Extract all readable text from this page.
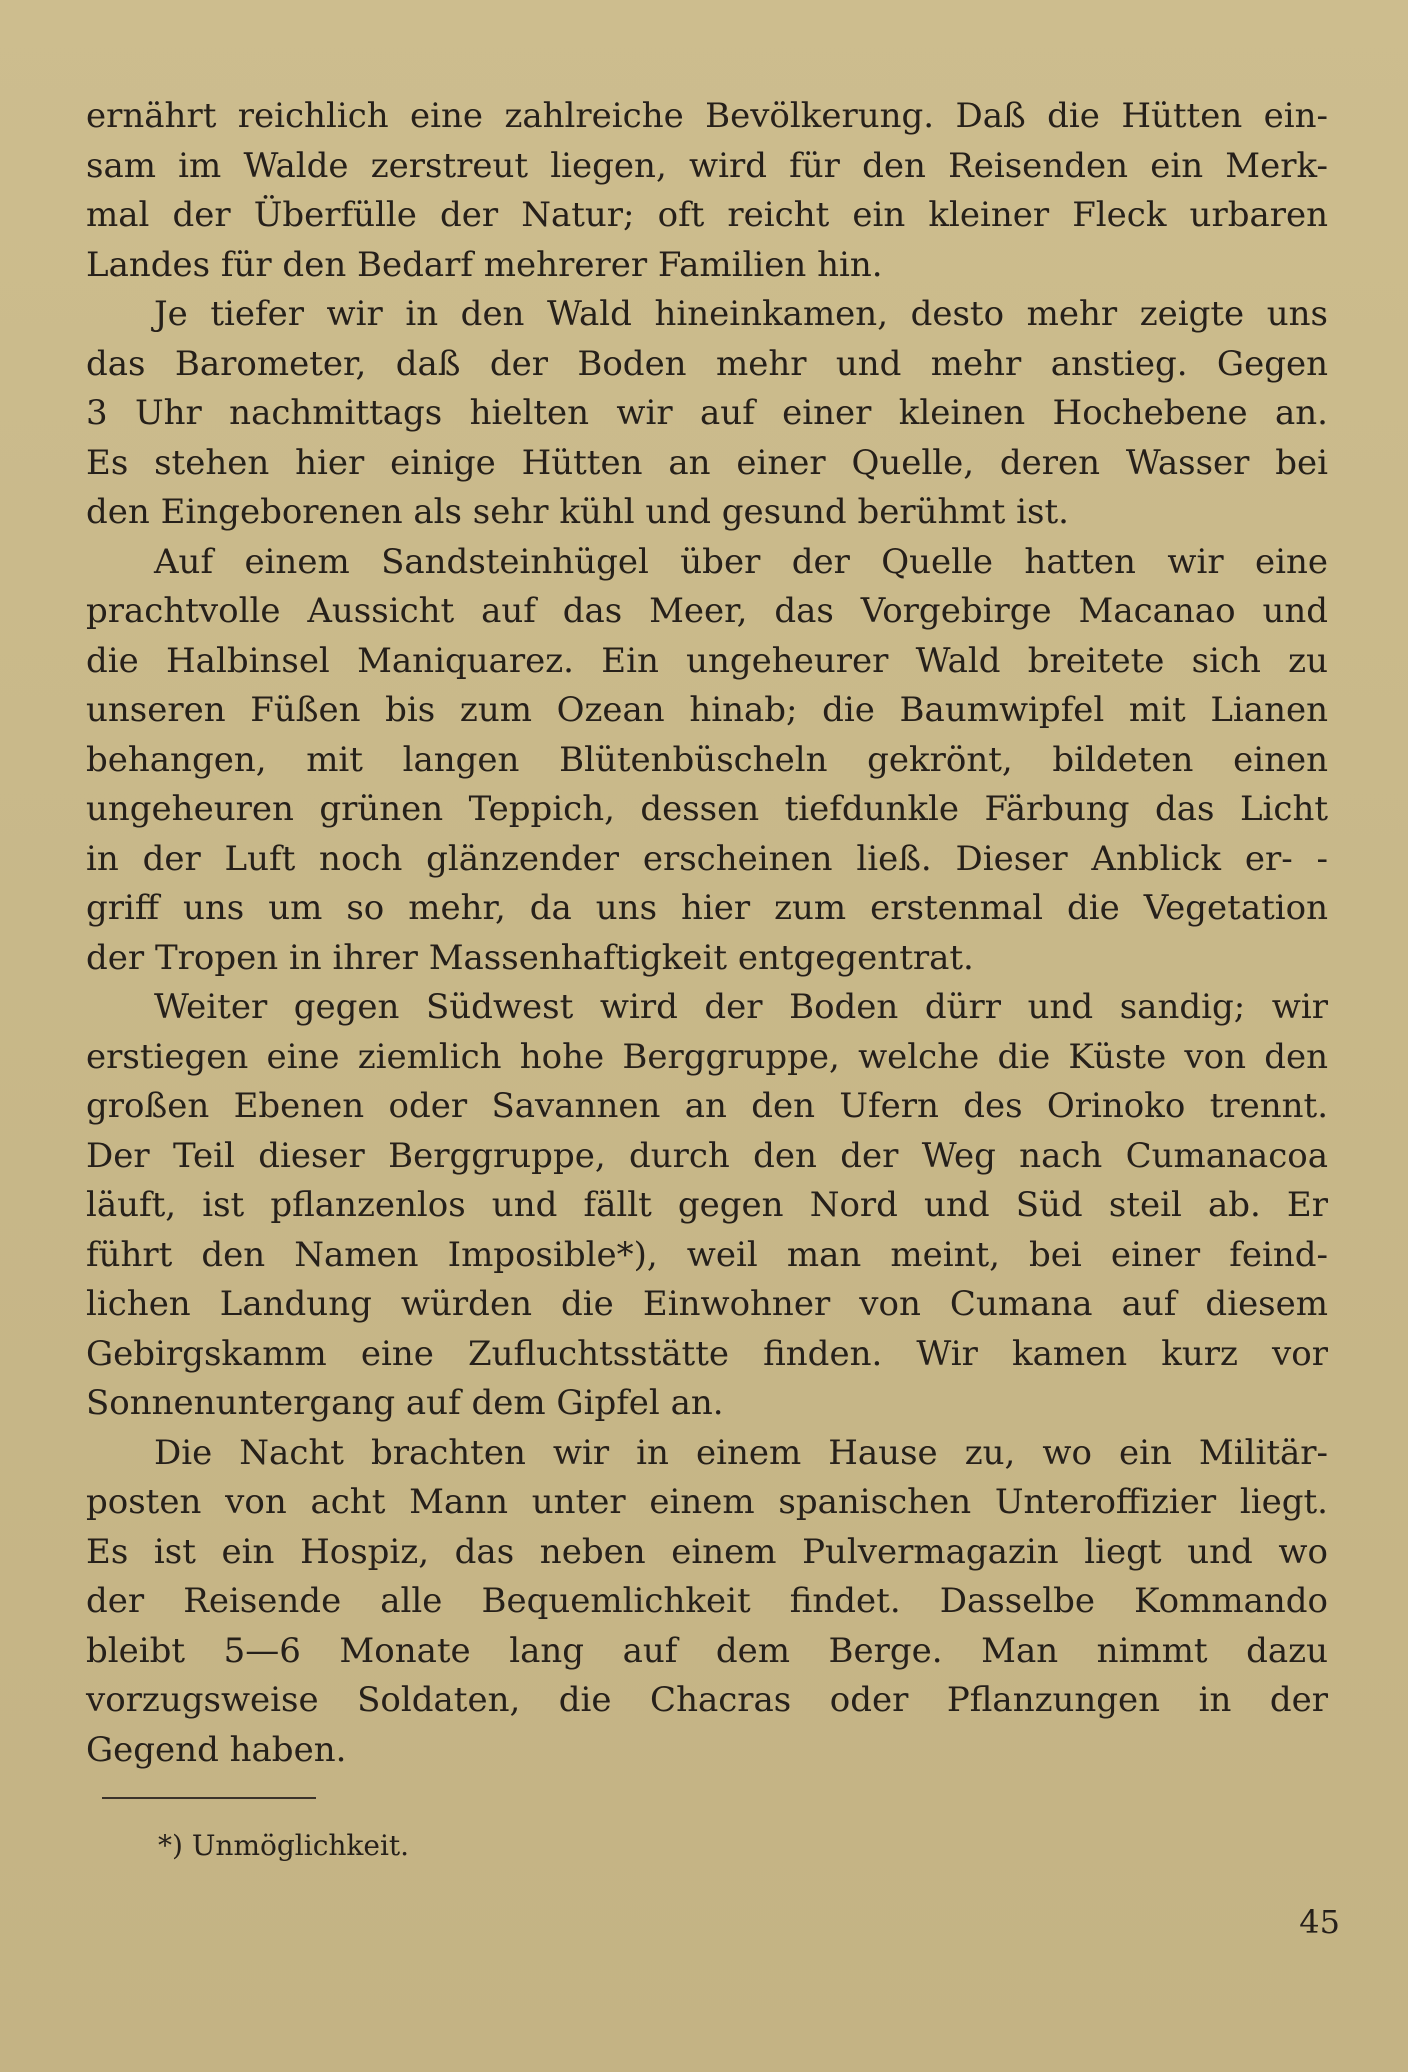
ernährt reichlich eine zahlreiche Bevölkerung. Daß die Hütten ein-
sam im Walde zerstreut liegen, wird für den Reisenden ein Merk-
mal der Überfülle der Natur; oft reicht ein kleiner Fleck urbaren
Landes für den Bedarf mehrerer Familien hin.
Je tiefer wir in den Wald hineinkamen, desto mehr zeigte uns
das Barometer, daß der Boden mehr und mehr anstieg. Gegen
3 Uhr nachmittags hielten wir auf einer kleinen Hochebene an.
Es stehen hier einige Hütten an einer Quelle, deren Wasser bei
den Eingeborenen als sehr kühl und gesund berühmt ist.
Auf einem Sandsteinhügel über der Quelle hatten wir eine
prachtvolle Aussicht auf das Meer, das Vorgebirge Macanao und
die Halbinsel Maniquarez. Ein ungeheurer Wald breitete sich zu
unseren Füßen bis zum Ozean hinab; die Baumwipfel mit Lianen
behangen, mit langen Blütenbüscheln gekrönt, bildeten einen
ungeheuren grünen Teppich, dessen tiefdunkle Färbung das Licht
in der Luft noch glänzender erscheinen ließ. Dieser Anblick er- -
griff uns um so mehr, da uns hier zum erstenmal die Vegetation
der Tropen in ihrer Massenhaftigkeit entgegentrat.
Weiter gegen Südwest wird der Boden dürr und sandig; wir
erstiegen eine ziemlich hohe Berggruppe, welche die Küste von den
großen Ebenen oder Savannen an den Ufern des Orinoko trennt.
Der Teil dieser Berggruppe, durch den der Weg nach Cumanacoa
läuft, ist pflanzenlos und fällt gegen Nord und Süd steil ab. Er
führt den Namen Imposible*), weil man meint, bei einer feind-
lichen Landung würden die Einwohner von Cumana auf diesem
Gebirgskamm eine Zufluchtsstätte finden. Wir kamen kurz vor
Sonnenuntergang auf dem Gipfel an.
Die Nacht brachten wir in einem Hause zu, wo ein Militär-
posten von acht Mann unter einem spanischen Unteroffizier liegt.
Es ist ein Hospiz, das neben einem Pulvermagazin liegt und wo
der Reisende alle Bequemlichkeit findet. Dasselbe Kommando
bleibt 5—6 Monate lang auf dem Berge. Man nimmt dazu
vorzugsweise Soldaten, die Chacras oder Pflanzungen in der
Gegend haben.
*) Unmöglichkeit.
45
